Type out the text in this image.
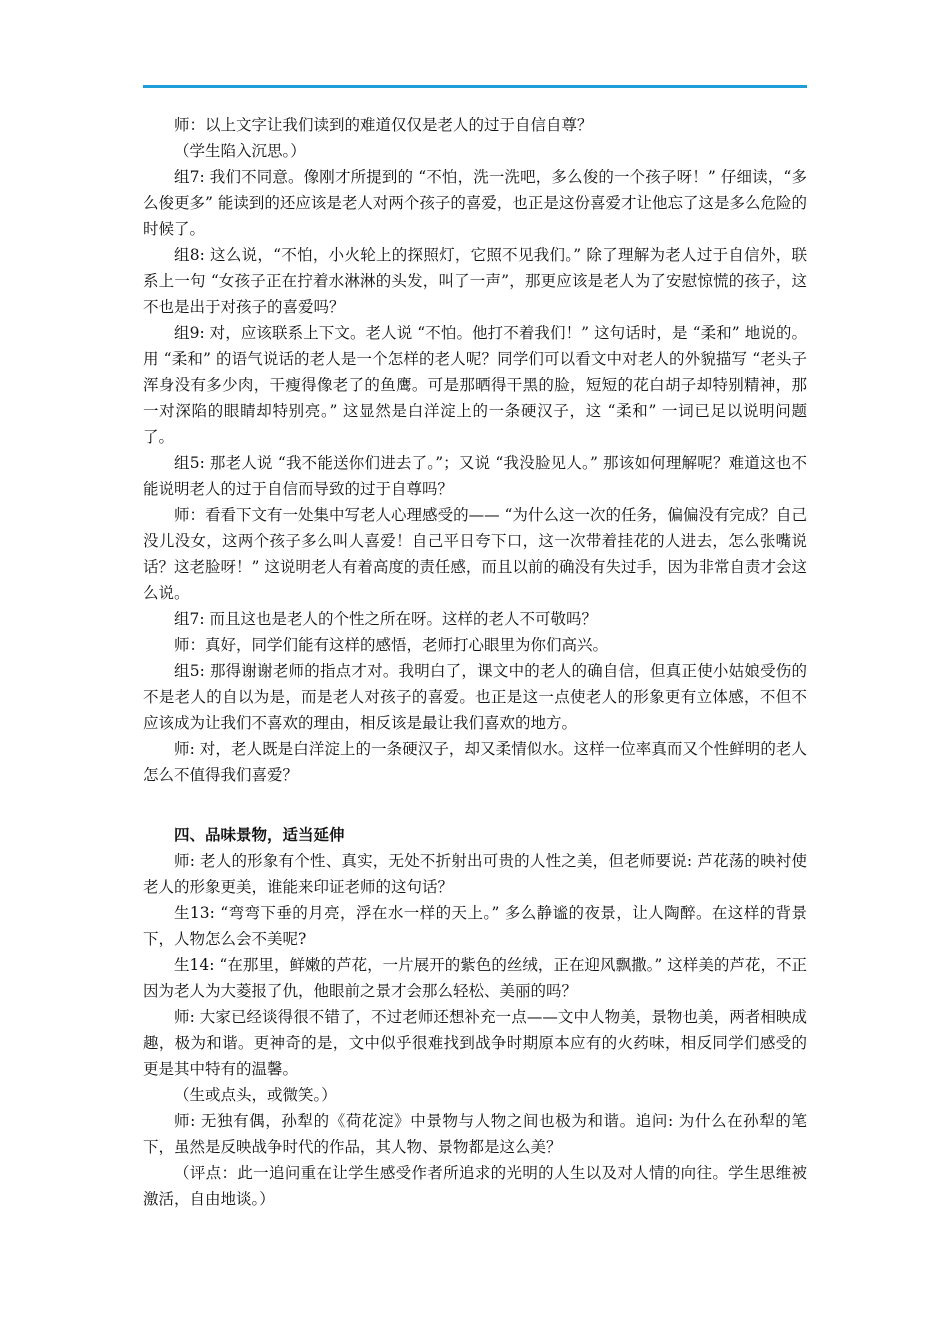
师：以上文字让我们读到的难道仅仅是老人的过于自信自尊？

（学生陷入沉思。）

组7: 我们不同意。像刚才所提到的 “不怕，洗一洗吧，多么俊的一个孩子呀！” 仔细读，“多么俊更多” 能读到的还应该是老人对两个孩子的喜爱，也正是这份喜爱才让他忘了这是多么危险的时候了。

组8: 这么说，“不怕，小火轮上的探照灯，它照不见我们。” 除了理解为老人过于自信外，联系上一句 “女孩子正在拧着水淋淋的头发，叫了一声”，那更应该是老人为了安慰惊慌的孩子，这不也是出于对孩子的喜爱吗？

组9: 对，应该联系上下文。老人说 “不怕。他打不着我们！” 这句话时，是 “柔和” 地说的。用 “柔和” 的语气说话的老人是一个怎样的老人呢？同学们可以看文中对老人的外貌描写 “老头子浑身没有多少肉，干瘦得像老了的鱼鹰。可是那晒得干黑的脸，短短的花白胡子却特别精神，那一对深陷的眼睛却特别亮。” 这显然是白洋淀上的一条硬汉子，这 “柔和” 一词已足以说明问题了。

组5: 那老人说 “我不能送你们进去了。”；又说 “我没脸见人。” 那该如何理解呢？难道这也不能说明老人的过于自信而导致的过于自尊吗？

师：看看下文有一处集中写老人心理感受的—— “为什么这一次的任务，偏偏没有完成？自己没儿没女，这两个孩子多么叫人喜爱！自己平日夸下口，这一次带着挂花的人进去，怎么张嘴说话？这老脸呀！” 这说明老人有着高度的责任感，而且以前的确没有失过手，因为非常自责才会这么说。

组7: 而且这也是老人的个性之所在呀。这样的老人不可敬吗？

师：真好，同学们能有这样的感悟，老师打心眼里为你们高兴。

组5: 那得谢谢老师的指点才对。我明白了，课文中的老人的确自信，但真正使小姑娘受伤的不是老人的自以为是，而是老人对孩子的喜爱。也正是这一点使老人的形象更有立体感，不但不应该成为让我们不喜欢的理由，相反该是最让我们喜欢的地方。

师: 对，老人既是白洋淀上的一条硬汉子，却又柔情似水。这样一位率真而又个性鲜明的老人怎么不值得我们喜爱？

四、品味景物，适当延伸

师: 老人的形象有个性、真实，无处不折射出可贵的人性之美，但老师要说: 芦花荡的映衬使老人的形象更美，谁能来印证老师的这句话？

生13: “弯弯下垂的月亮，浮在水一样的天上。” 多么静谧的夜景，让人陶醉。在这样的背景下，人物怎么会不美呢?

生14: “在那里，鲜嫩的芦花，一片展开的紫色的丝绒，正在迎风飘撒。” 这样美的芦花，不正因为老人为大菱报了仇，他眼前之景才会那么轻松、美丽的吗？

师: 大家已经谈得很不错了，不过老师还想补充一点——文中人物美，景物也美，两者相映成趣，极为和谐。更神奇的是，文中似乎很难找到战争时期原本应有的火药味，相反同学们感受的更是其中特有的温馨。

（生或点头，或微笑。）

师: 无独有偶，孙犁的《荷花淀》中景物与人物之间也极为和谐。追问: 为什么在孙犁的笔下，虽然是反映战争时代的作品，其人物、景物都是这么美？

（评点：此一追问重在让学生感受作者所追求的光明的人生以及对人情的向往。学生思维被激活，自由地谈。）
